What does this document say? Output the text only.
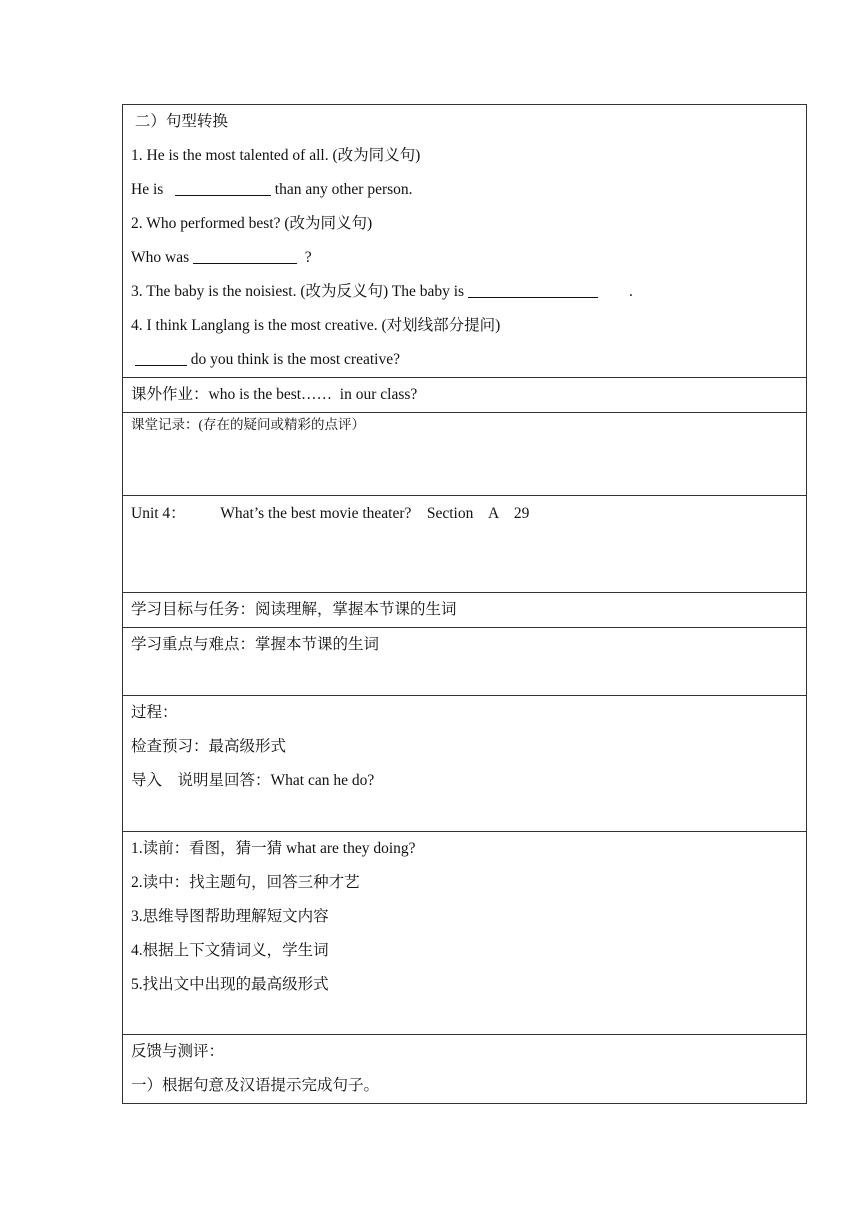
二）句型转换
1. He is the most talented of all. (改为同义句)
He is	than any other person.
2. Who performed best? (改为同义句)
Who was	?
3. The baby is the noisiest. (改为反义句) The baby is	.
4. I think Langlang is the most creative. (对划线部分提问)
do you think is the most creative?

课外作业：who is the best……  in our class?

课堂记录：(存在的疑问或精彩的点评）

Unit 4：         What’s the best movie theater?    Section    A    29

学习目标与任务：阅读理解，掌握本节课的生词

学习重点与难点：掌握本节课的生词

过程：
检查预习：最高级形式
导入    说明星回答：What can he do?

1.读前：看图，猜一猜 what are they doing?
2.读中：找主题句，回答三种才艺
3.思维导图帮助理解短文内容
4.根据上下文猜词义，学生词
5.找出文中出现的最高级形式

反馈与测评：
一）根据句意及汉语提示完成句子。
